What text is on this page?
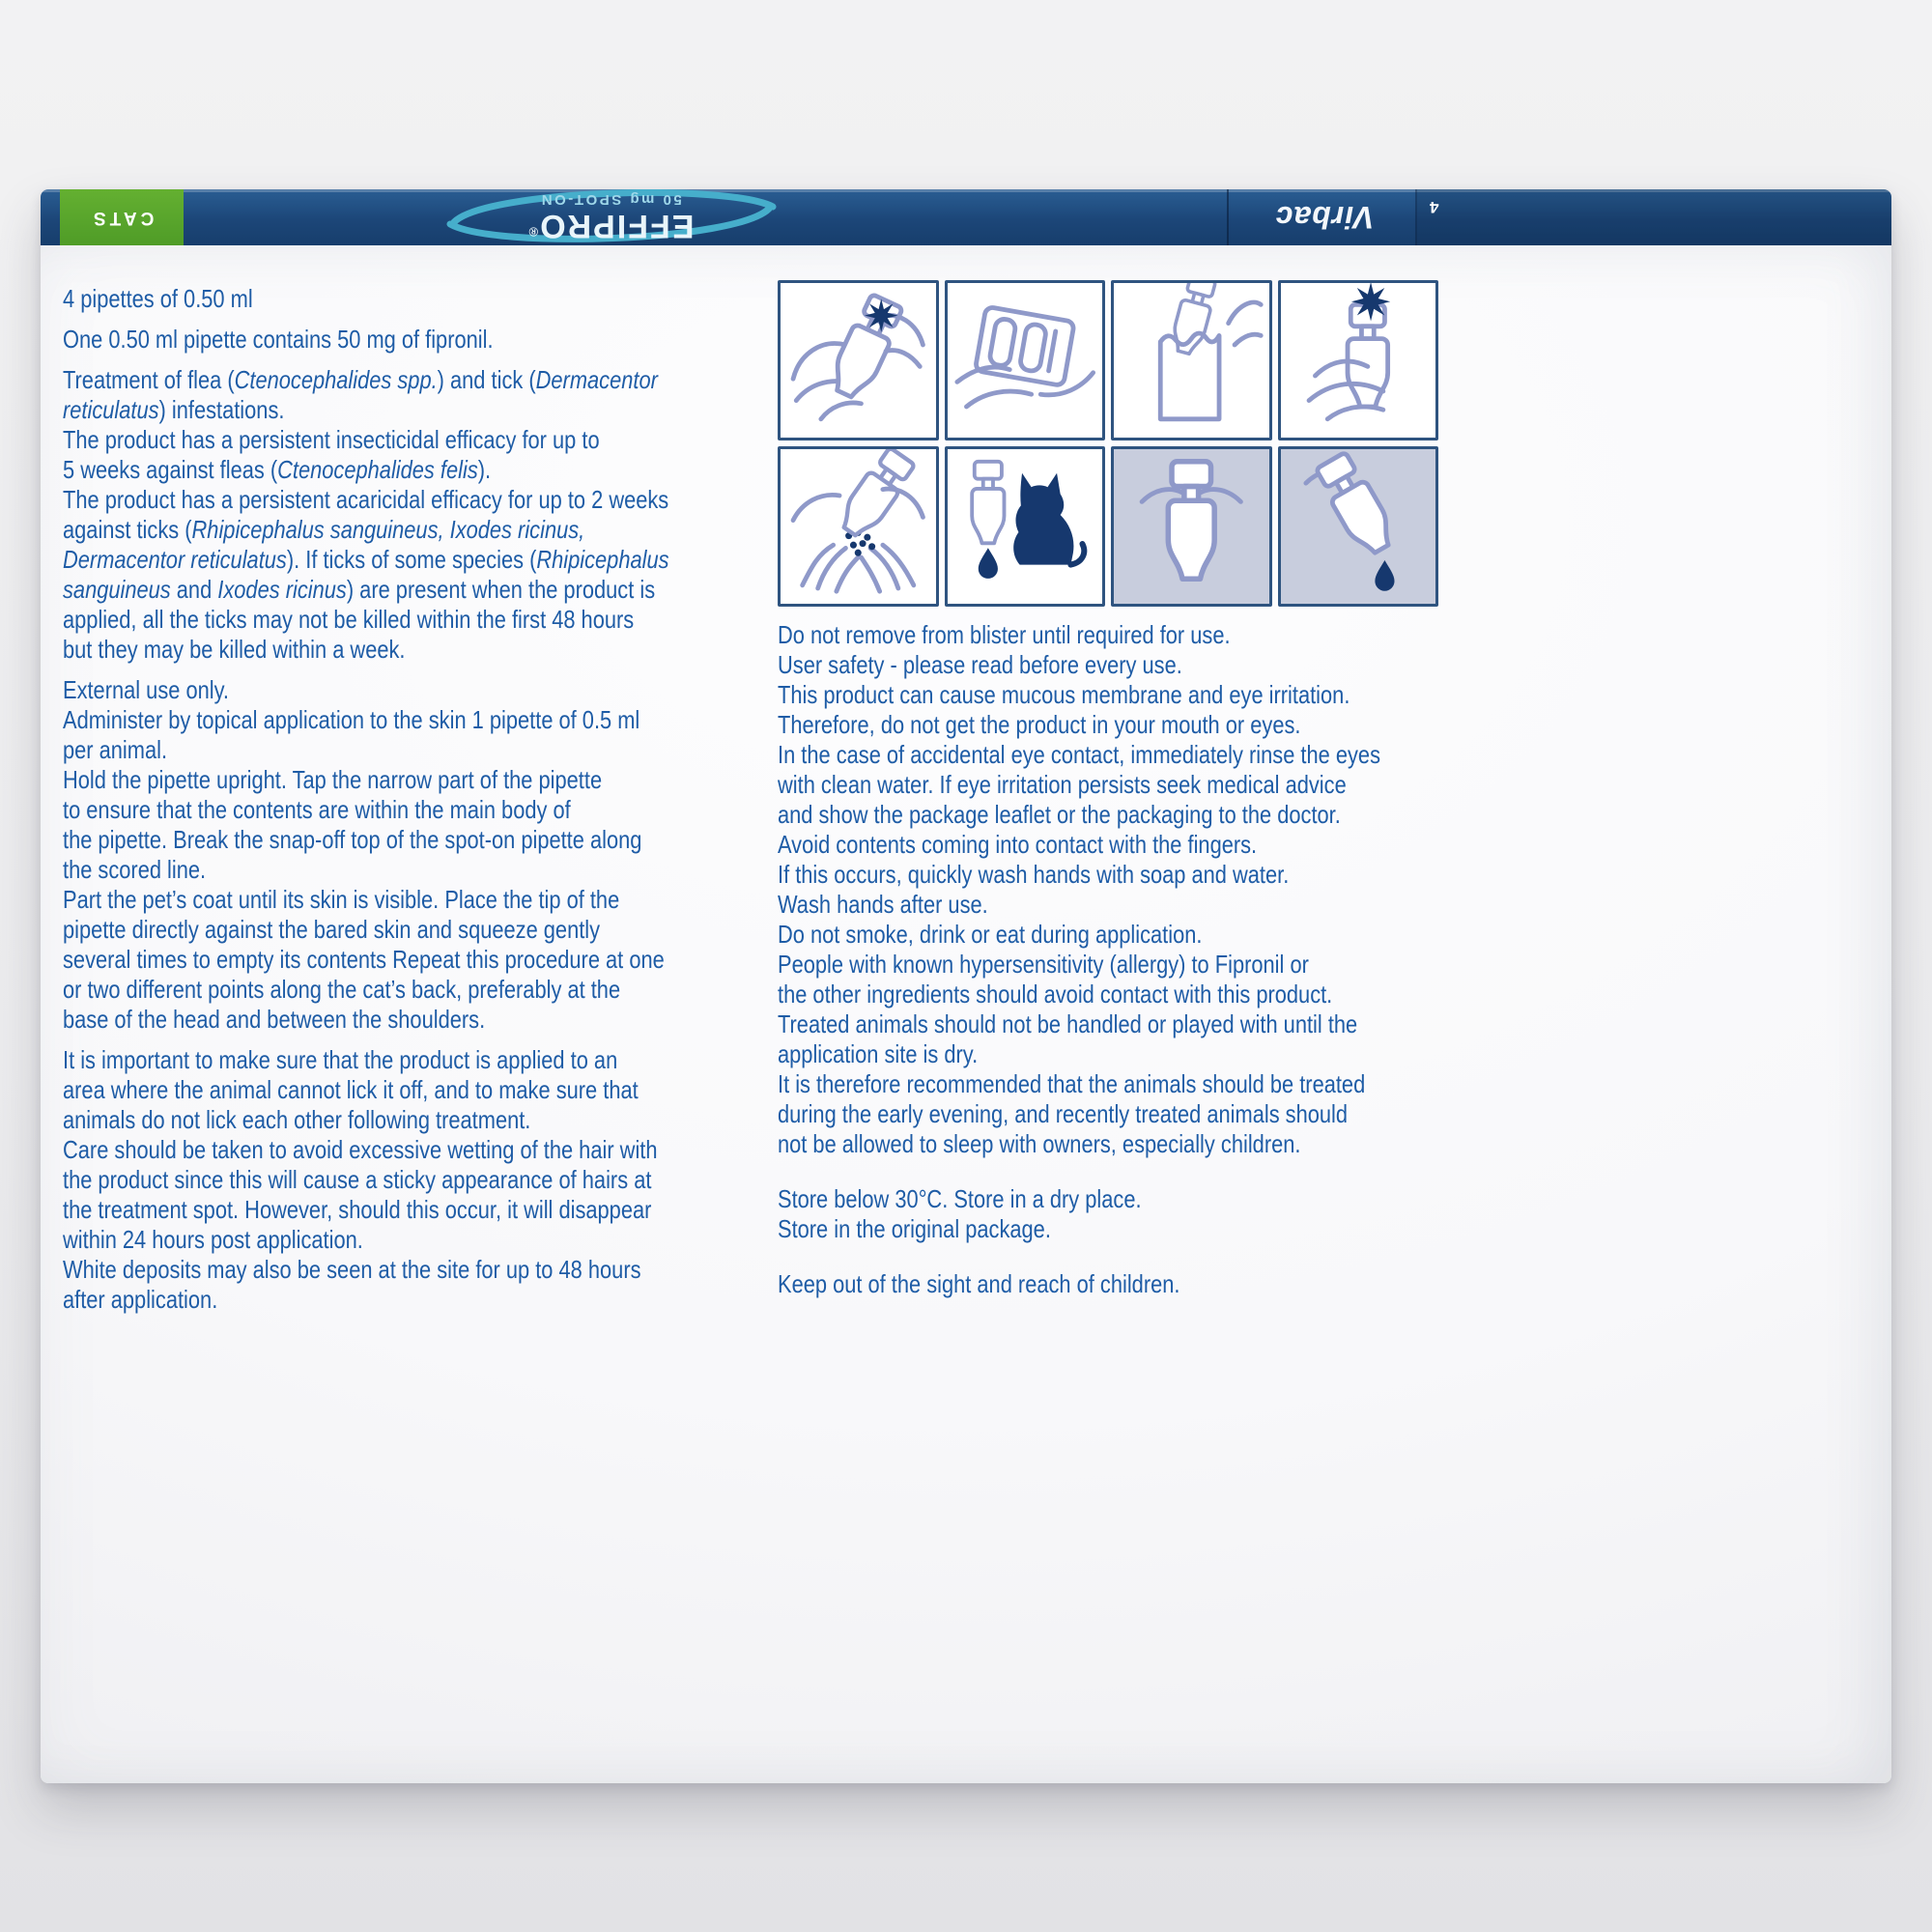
CATS	EFFIPRO®
50 mg SPOT-ON
Virbac	4

4 pipettes of 0.50 ml

One 0.50 ml pipette contains 50 mg of fipronil.

Treatment of flea (Ctenocephalides spp.) and tick (Dermacentor
reticulatus) infestations.
The product has a persistent insecticidal efficacy for up to
5 weeks against fleas (Ctenocephalides felis).
The product has a persistent acaricidal efficacy for up to 2 weeks
against ticks (Rhipicephalus sanguineus, Ixodes ricinus,
Dermacentor reticulatus). If ticks of some species (Rhipicephalus
sanguineus and Ixodes ricinus) are present when the product is
applied, all the ticks may not be killed within the first 48 hours
but they may be killed within a week.

External use only.
Administer by topical application to the skin 1 pipette of 0.5 ml
per animal.
Hold the pipette upright. Tap the narrow part of the pipette
to ensure that the contents are within the main body of
the pipette. Break the snap-off top of the spot-on pipette along
the scored line.
Part the pet’s coat until its skin is visible. Place the tip of the
pipette directly against the bared skin and squeeze gently
several times to empty its contents Repeat this procedure at one
or two different points along the cat’s back, preferably at the
base of the head and between the shoulders.

It is important to make sure that the product is applied to an
area where the animal cannot lick it off, and to make sure that
animals do not lick each other following treatment.
Care should be taken to avoid excessive wetting of the hair with
the product since this will cause a sticky appearance of hairs at
the treatment spot. However, should this occur, it will disappear
within 24 hours post application.
White deposits may also be seen at the site for up to 48 hours
after application.

Do not remove from blister until required for use.
User safety - please read before every use.
This product can cause mucous membrane and eye irritation.
Therefore, do not get the product in your mouth or eyes.
In the case of accidental eye contact, immediately rinse the eyes
with clean water. If eye irritation persists seek medical advice
and show the package leaflet or the packaging to the doctor.
Avoid contents coming into contact with the fingers.
If this occurs, quickly wash hands with soap and water.
Wash hands after use.
Do not smoke, drink or eat during application.
People with known hypersensitivity (allergy) to Fipronil or
the other ingredients should avoid contact with this product.
Treated animals should not be handled or played with until the
application site is dry.
It is therefore recommended that the animals should be treated
during the early evening, and recently treated animals should
not be allowed to sleep with owners, especially children.

Store below 30°C. Store in a dry place.
Store in the original package.

Keep out of the sight and reach of children.
